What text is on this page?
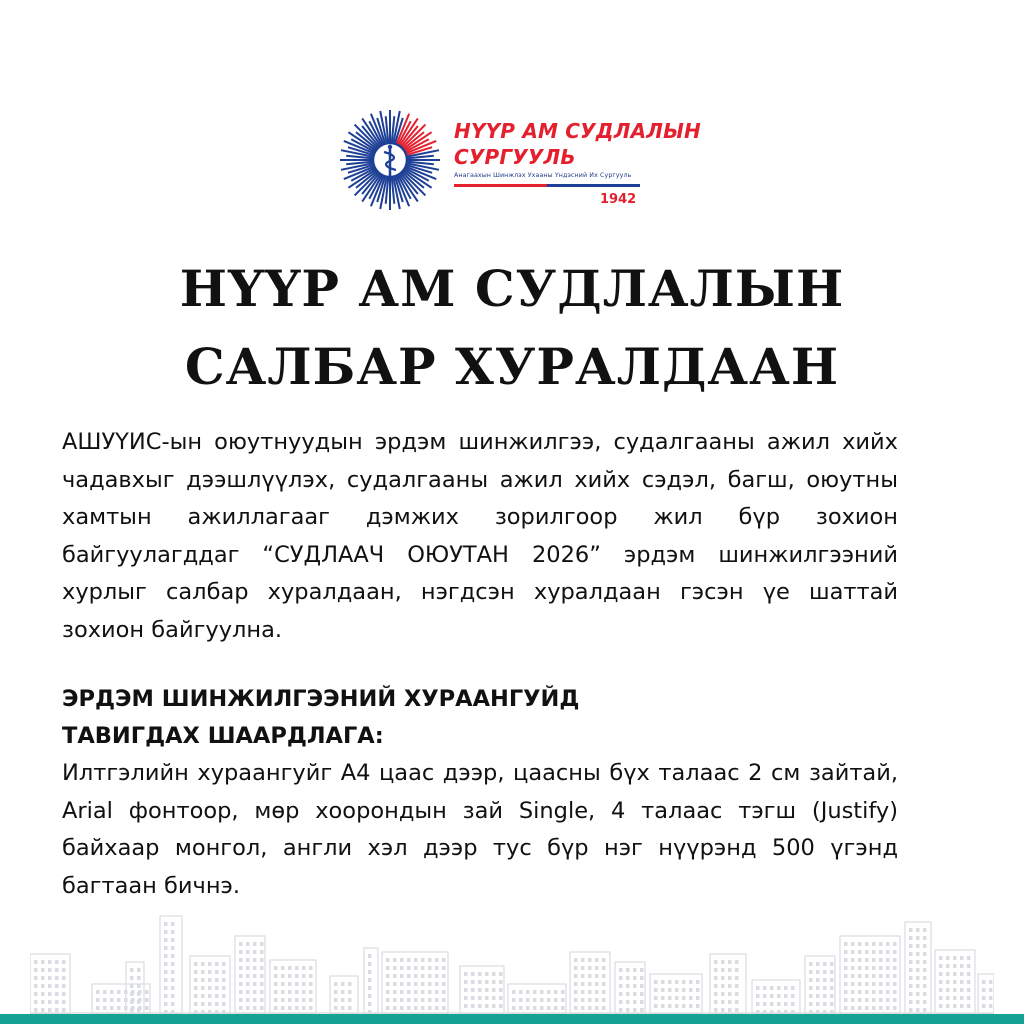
НҮҮР АМ СУДЛАЛЫН
СУРГУУЛЬ
Анагаахын Шинжлэх Ухааны Үндэсний Их Сургууль
1942
НҮҮР АМ СУДЛАЛЫН
САЛБАР ХУРАЛДААН

АШУҮИС-ын оюутнуудын эрдэм шинжилгээ, судалгааны ажил хийх чадавхыг дээшлүүлэх, судалгааны ажил хийх сэдэл, багш, оюутны хамтын ажиллагааг дэмжих зорилгоор жил бүр зохион байгуулагддаг “СУДЛААЧ ОЮУТАН 2026” эрдэм шинжилгээний хурлыг салбар хуралдаан, нэгдсэн хуралдаан гэсэн үе шаттай зохион байгуулна.

ЭРДЭМ ШИНЖИЛГЭЭНИЙ ХУРААНГУЙД
ТАВИГДАХ ШААРДЛАГА:

Илтгэлийн хураангуйг А4 цаас дээр, цаасны бүх талаас 2 см зайтай, Arial фонтоор, мөр хоорондын зай Single, 4 талаас тэгш (Justify) байхаар монгол, англи хэл дээр тус бүр нэг нүүрэнд 500 үгэнд багтаан бичнэ.
